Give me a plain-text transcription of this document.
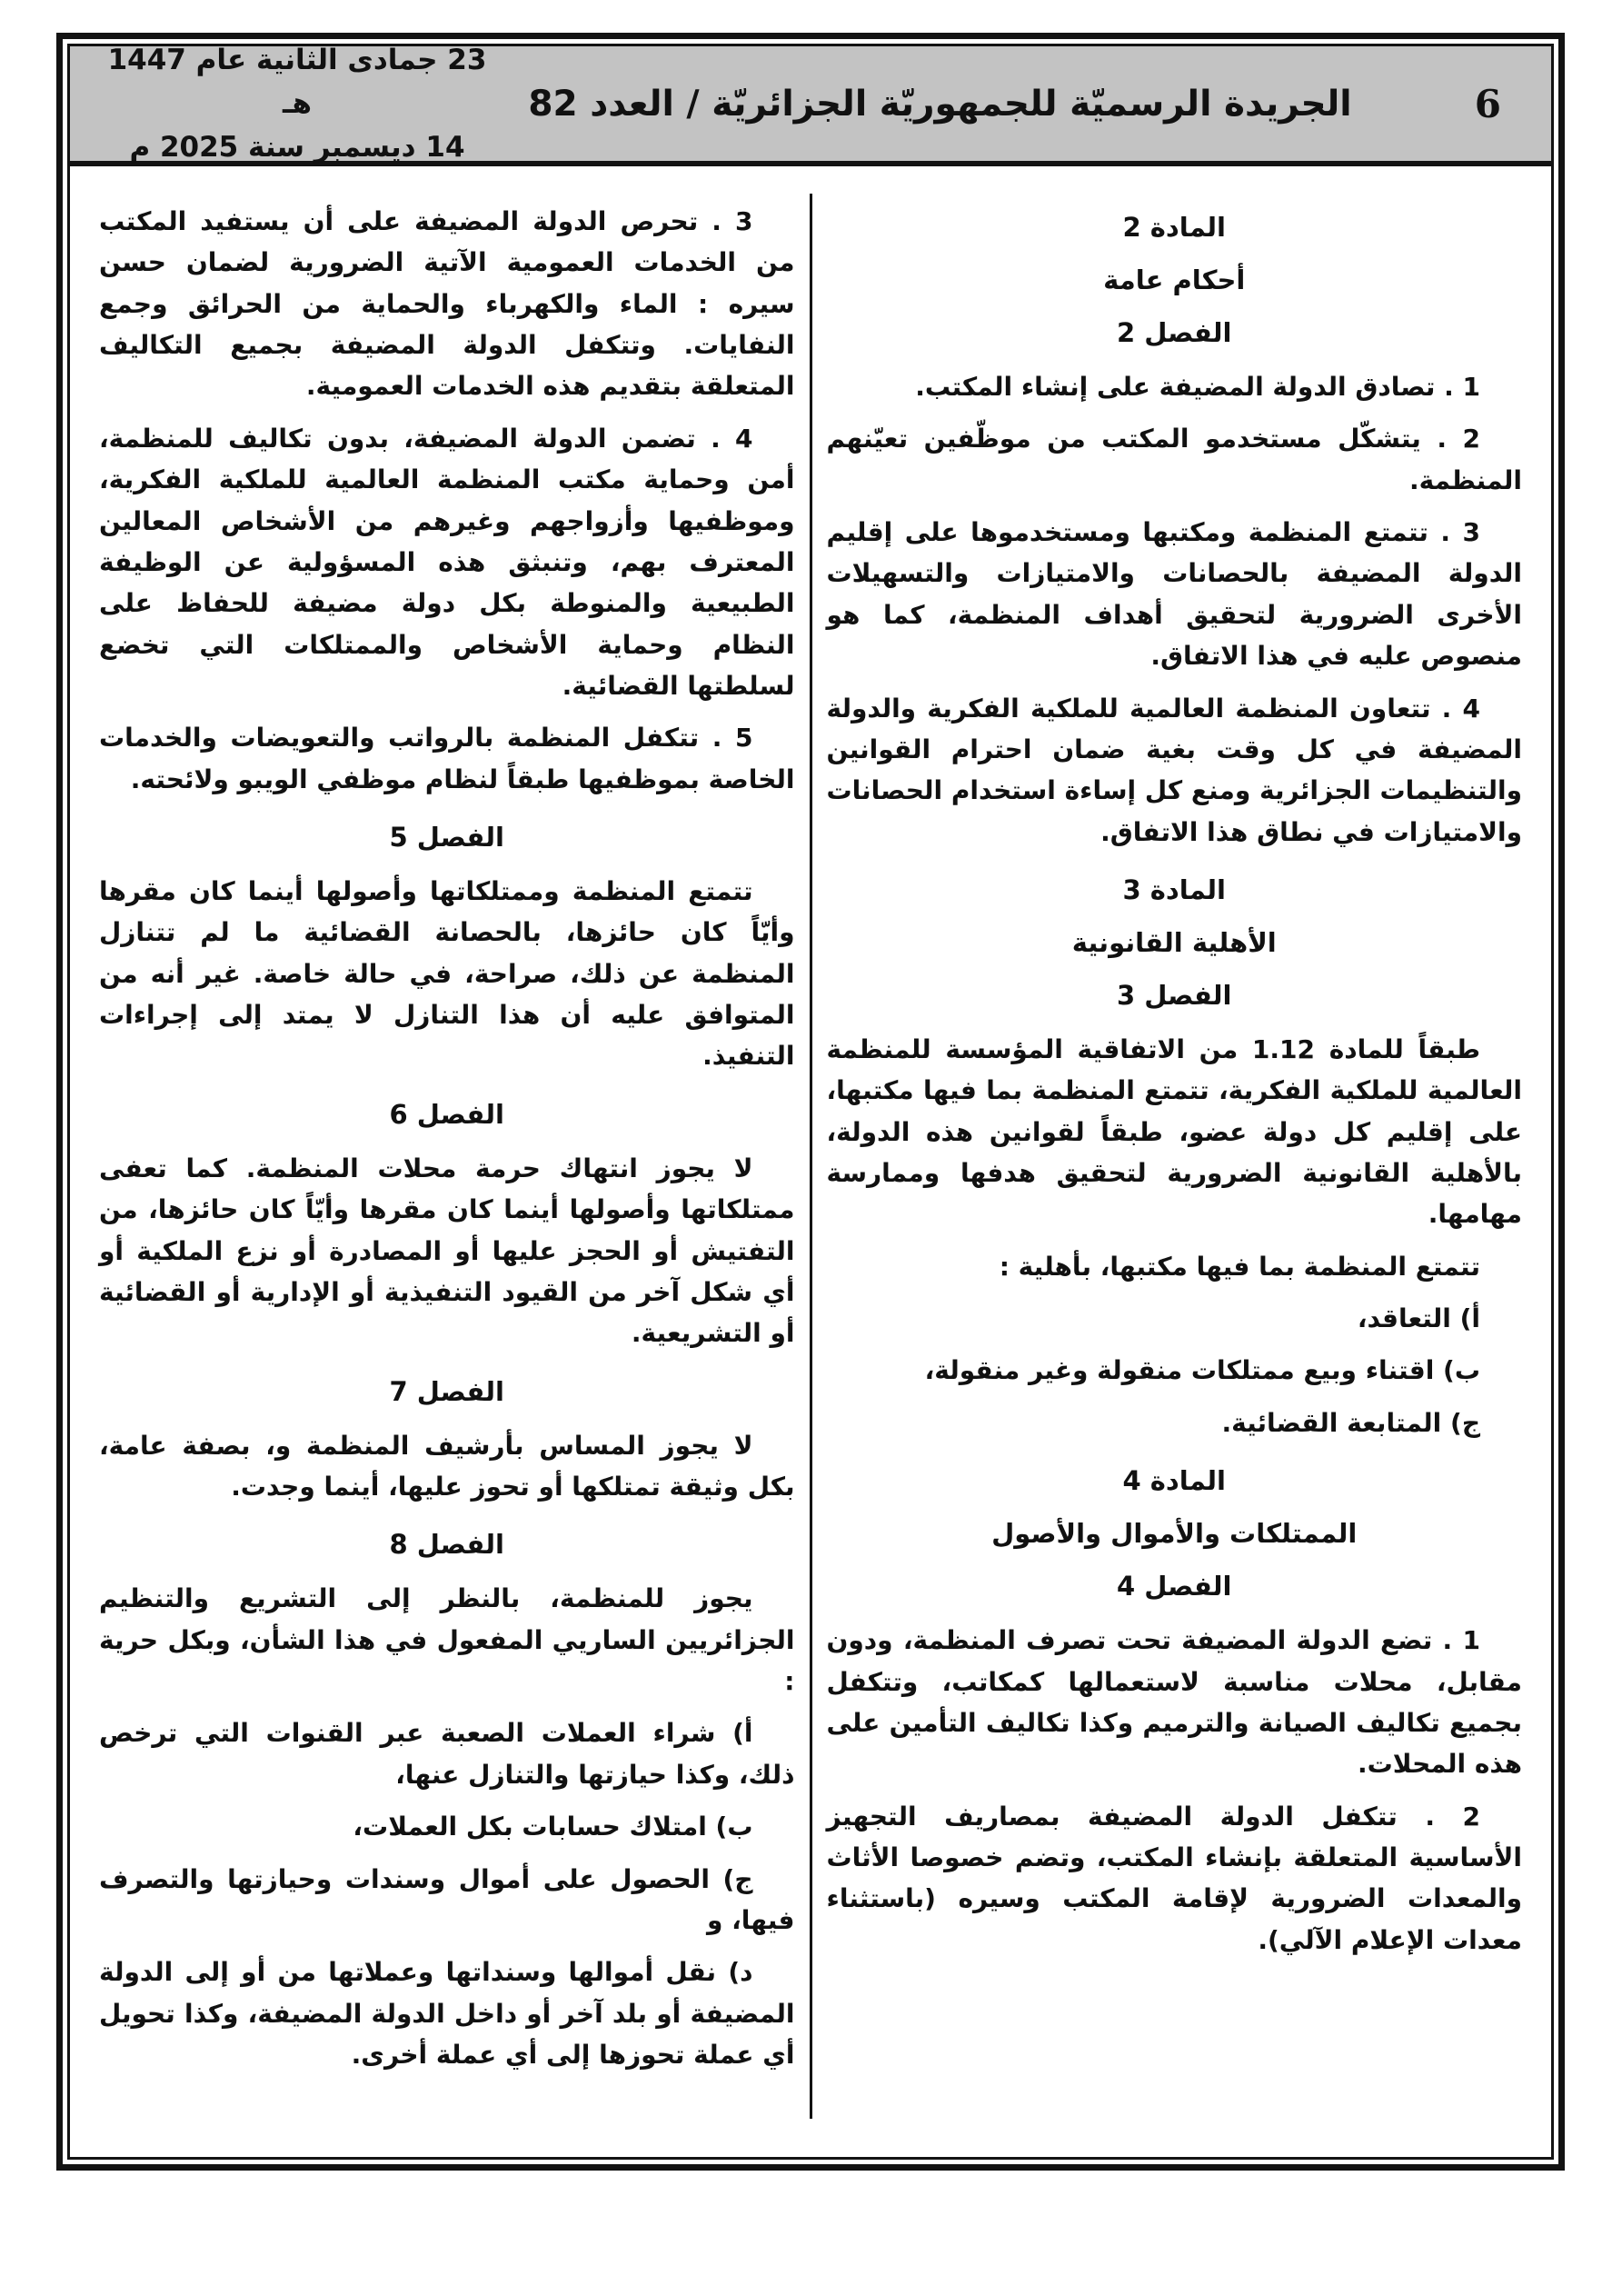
6
الجريدة الرسميّة للجمهوريّة الجزائريّة / العدد 82
23 جمادى الثانية عام 1447 هـ
14 ديسمبر سنة 2025 م
المادة 2
أحكام عامة
الفصل 2
1 . تصادق الدولة المضيفة على إنشاء المكتب.
2 . يتشكّل مستخدمو المكتب من موظّفين تعيّنهم المنظمة.
3 . تتمتع المنظمة ومكتبها ومستخدموها على إقليم الدولة المضيفة بالحصانات والامتيازات والتسهيلات الأخرى الضرورية لتحقيق أهداف المنظمة، كما هو منصوص عليه في هذا الاتفاق.
4 . تتعاون المنظمة العالمية للملكية الفكرية والدولة المضيفة في كل وقت بغية ضمان احترام القوانين والتنظيمات الجزائرية ومنع كل إساءة استخدام الحصانات والامتيازات في نطاق هذا الاتفاق.
المادة 3
الأهلية القانونية
الفصل 3
طبقاً للمادة 1.12 من الاتفاقية المؤسسة للمنظمة العالمية للملكية الفكرية، تتمتع المنظمة بما فيها مكتبها، على إقليم كل دولة عضو، طبقاً لقوانين هذه الدولة، بالأهلية القانونية الضرورية لتحقيق هدفها وممارسة مهامها.
تتمتع المنظمة بما فيها مكتبها، بأهلية :
أ) التعاقد،
ب) اقتناء وبيع ممتلكات منقولة وغير منقولة،
ج) المتابعة القضائية.
المادة 4
الممتلكات والأموال والأصول
الفصل 4
1 . تضع الدولة المضيفة تحت تصرف المنظمة، ودون مقابل، محلات مناسبة لاستعمالها كمكاتب، وتتكفل بجميع تكاليف الصيانة والترميم وكذا تكاليف التأمين على هذه المحلات.
2 . تتكفل الدولة المضيفة بمصاريف التجهيز الأساسية المتعلقة بإنشاء المكتب، وتضم خصوصا الأثاث والمعدات الضرورية لإقامة المكتب وسيره (باستثناء معدات الإعلام الآلي).
3 . تحرص الدولة المضيفة على أن يستفيد المكتب من الخدمات العمومية الآتية الضرورية لضمان حسن سيره : الماء والكهرباء والحماية من الحرائق وجمع النفايات. وتتكفل الدولة المضيفة بجميع التكاليف المتعلقة بتقديم هذه الخدمات العمومية.
4 . تضمن الدولة المضيفة، بدون تكاليف للمنظمة، أمن وحماية مكتب المنظمة العالمية للملكية الفكرية، وموظفيها وأزواجهم وغيرهم من الأشخاص المعالين المعترف بهم، وتنبثق هذه المسؤولية عن الوظيفة الطبيعية والمنوطة بكل دولة مضيفة للحفاظ على النظام وحماية الأشخاص والممتلكات التي تخضع لسلطتها القضائية.
5 . تتكفل المنظمة بالرواتب والتعويضات والخدمات الخاصة بموظفيها طبقاً لنظام موظفي الويبو ولائحته.
الفصل 5
تتمتع المنظمة وممتلكاتها وأصولها أينما كان مقرها وأيّاً كان حائزها، بالحصانة القضائية ما لم تتنازل المنظمة عن ذلك، صراحة، في حالة خاصة. غير أنه من المتوافق عليه أن هذا التنازل لا يمتد إلى إجراءات التنفيذ.
الفصل 6
لا يجوز انتهاك حرمة محلات المنظمة. كما تعفى ممتلكاتها وأصولها أينما كان مقرها وأيّاً كان حائزها، من التفتيش أو الحجز عليها أو المصادرة أو نزع الملكية أو أي شكل آخر من القيود التنفيذية أو الإدارية أو القضائية أو التشريعية.
الفصل 7
لا يجوز المساس بأرشيف المنظمة و، بصفة عامة، بكل وثيقة تمتلكها أو تحوز عليها، أينما وجدت.
الفصل 8
يجوز للمنظمة، بالنظر إلى التشريع والتنظيم الجزائريين الساريي المفعول في هذا الشأن، وبكل حرية :
أ) شراء العملات الصعبة عبر القنوات التي ترخص ذلك، وكذا حيازتها والتنازل عنها،
ب) امتلاك حسابات بكل العملات،
ج) الحصول على أموال وسندات وحيازتها والتصرف فيها، و
د) نقل أموالها وسنداتها وعملاتها من أو إلى الدولة المضيفة أو بلد آخر أو داخل الدولة المضيفة، وكذا تحويل أي عملة تحوزها إلى أي عملة أخرى.
